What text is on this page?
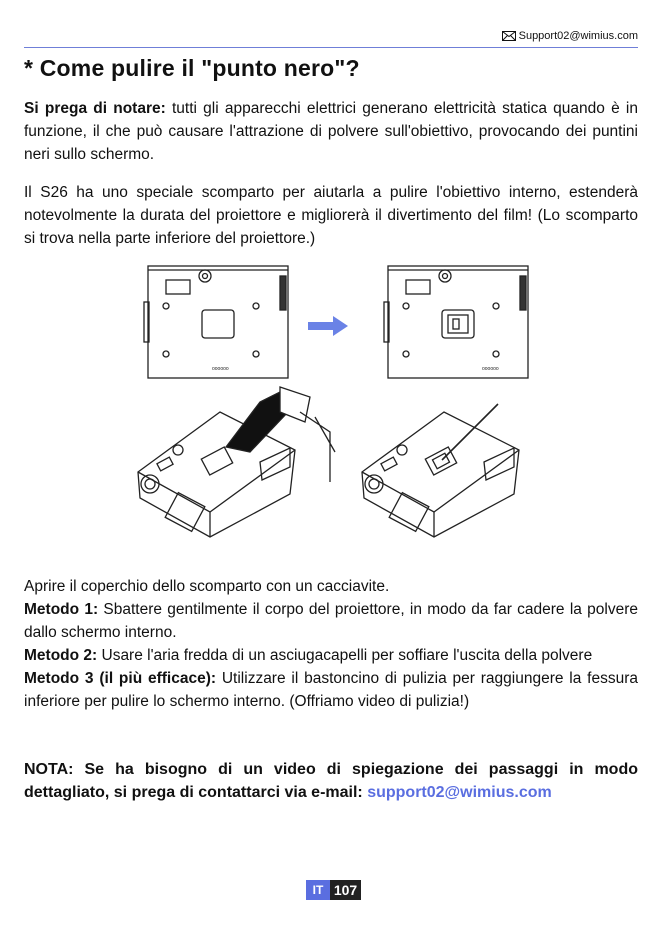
Support02@wimius.com
* Come pulire il "punto nero"?

Si prega di notare: tutti gli apparecchi elettrici generano elettricità statica quando è in funzione, il che può causare l'attrazione di polvere sull'obiettivo, provocando dei puntini neri sullo schermo.

Il S26 ha uno speciale scomparto per aiutarla a pulire l'obiettivo interno, estenderà notevolmente la durata del proiettore e migliorerà il divertimento del film! (Lo scomparto si trova nella parte inferiore del proiettore.)

oooooo	oooooo

Aprire il coperchio dello scomparto con un cacciavite.
Metodo 1: Sbattere gentilmente il corpo del proiettore, in modo da far cadere la polvere dallo schermo interno.
Metodo 2: Usare l'aria fredda di un asciugacapelli per soffiare l'uscita della polvere
Metodo 3 (il più efficace): Utilizzare il bastoncino di pulizia per raggiungere la fessura inferiore per pulire lo schermo interno. (Offriamo video di pulizia!)

NOTA: Se ha bisogno di un video di spiegazione dei passaggi in modo dettagliato, si prega di contattarci via e-mail: support02@wimius.com

IT 107
